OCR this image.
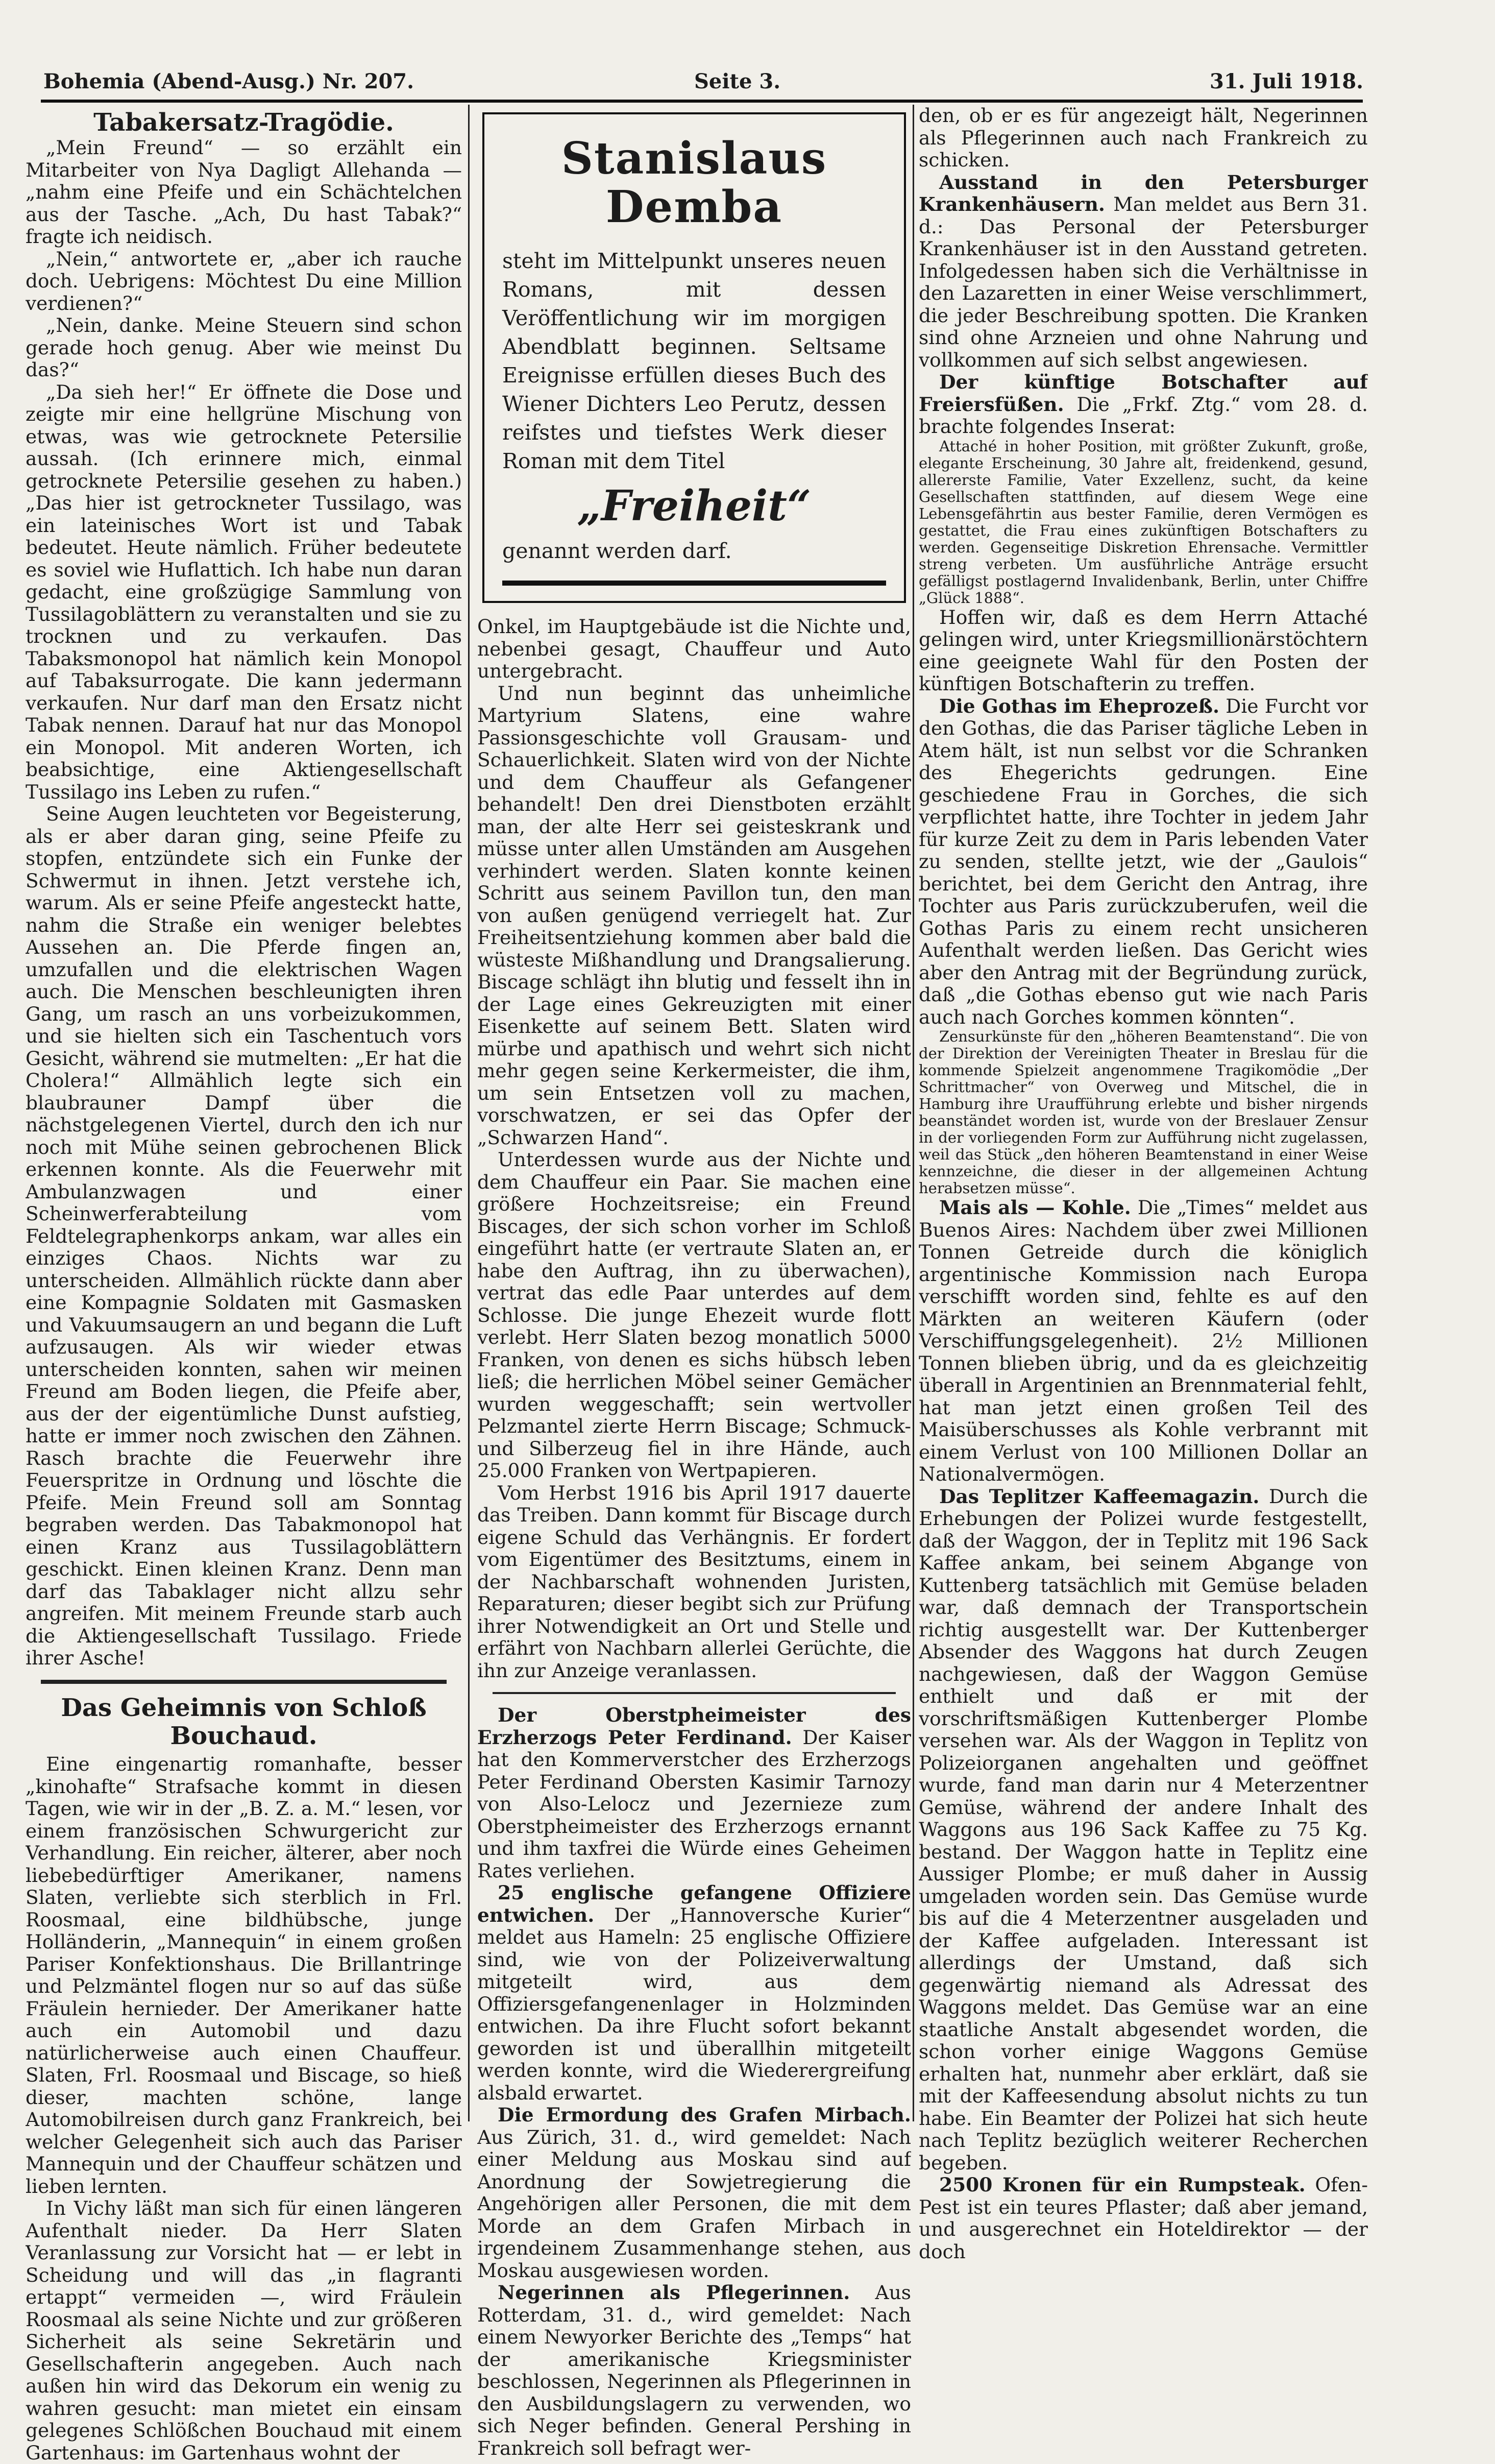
Bohemia (Abend-Ausg.) Nr. 207.	Seite 3.	31. Juli 1918.
Tabakersatz-Tragödie.

„Mein Freund“ — so erzählt ein Mitarbeiter von Nya Dagligt Allehanda — „nahm eine Pfeife und ein Schächtelchen aus der Tasche. „Ach, Du hast Tabak?“ fragte ich neidisch.

„Nein,“ antwortete er, „aber ich rauche doch. Uebrigens: Möchtest Du eine Million verdienen?“

„Nein, danke. Meine Steuern sind schon gerade hoch genug. Aber wie meinst Du das?“

„Da sieh her!“ Er öffnete die Dose und zeigte mir eine hellgrüne Mischung von etwas, was wie getrocknete Petersilie aussah. (Ich erinnere mich, einmal getrocknete Petersilie gesehen zu haben.) „Das hier ist getrockneter Tussilago, was ein lateinisches Wort ist und Tabak bedeutet. Heute nämlich. Früher bedeutete es soviel wie Huflattich. Ich habe nun daran gedacht, eine großzügige Sammlung von Tussilagoblättern zu veranstalten und sie zu trocknen und zu verkaufen. Das Tabaksmonopol hat nämlich kein Monopol auf Tabaksurrogate. Die kann jedermann verkaufen. Nur darf man den Ersatz nicht Tabak nennen. Darauf hat nur das Monopol ein Monopol. Mit anderen Worten, ich beabsichtige, eine Aktiengesellschaft Tussilago ins Leben zu rufen.“

Seine Augen leuchteten vor Begeisterung, als er aber daran ging, seine Pfeife zu stopfen, entzündete sich ein Funke der Schwermut in ihnen. Jetzt verstehe ich, warum. Als er seine Pfeife angesteckt hatte, nahm die Straße ein weniger belebtes Aussehen an. Die Pferde fingen an, umzufallen und die elektrischen Wagen auch. Die Menschen beschleunigten ihren Gang, um rasch an uns vorbeizukommen, und sie hielten sich ein Taschentuch vors Gesicht, während sie mutmelten: „Er hat die Cholera!“ Allmählich legte sich ein blaubrauner Dampf über die nächstgelegenen Viertel, durch den ich nur noch mit Mühe seinen gebrochenen Blick erkennen konnte. Als die Feuerwehr mit Ambulanzwagen und einer Scheinwerferabteilung vom Feldtelegraphenkorps ankam, war alles ein einziges Chaos. Nichts war zu unterscheiden. Allmählich rückte dann aber eine Kompagnie Soldaten mit Gasmasken und Vakuumsaugern an und begann die Luft aufzusaugen. Als wir wieder etwas unterscheiden konnten, sahen wir meinen Freund am Boden liegen, die Pfeife aber, aus der der eigentümliche Dunst aufstieg, hatte er immer noch zwischen den Zähnen. Rasch brachte die Feuerwehr ihre Feuerspritze in Ordnung und löschte die Pfeife. Mein Freund soll am Sonntag begraben werden. Das Tabakmonopol hat einen Kranz aus Tussilagoblättern geschickt. Einen kleinen Kranz. Denn man darf das Tabaklager nicht allzu sehr angreifen. Mit meinem Freunde starb auch die Aktiengesellschaft Tussilago. Friede ihrer Asche!

Das Geheimnis von Schloß Bouchaud.

Eine eingenartig romanhafte, besser „kinohafte“ Strafsache kommt in diesen Tagen, wie wir in der „B. Z. a. M.“ lesen, vor einem französischen Schwurgericht zur Verhandlung. Ein reicher, älterer, aber noch liebebedürftiger Amerikaner, namens Slaten, verliebte sich sterblich in Frl. Roosmaal, eine bildhübsche, junge Holländerin, „Mannequin“ in einem großen Pariser Konfektionshaus. Die Brillantringe und Pelzmäntel flogen nur so auf das süße Fräulein hernieder. Der Amerikaner hatte auch ein Automobil und dazu natürlicherweise auch einen Chauffeur. Slaten, Frl. Roosmaal und Biscage, so hieß dieser, machten schöne, lange Automobilreisen durch ganz Frankreich, bei welcher Gelegenheit sich auch das Pariser Mannequin und der Chauffeur schätzen und lieben lernten.

In Vichy läßt man sich für einen längeren Aufenthalt nieder. Da Herr Slaten Veranlassung zur Vorsicht hat — er lebt in Scheidung und will das „in flagranti ertappt“ vermeiden —, wird Fräulein Roosmaal als seine Nichte und zur größeren Sicherheit als seine Sekretärin und Gesellschafterin angegeben. Auch nach außen hin wird das Dekorum ein wenig zu wahren gesucht: man mietet ein einsam gelegenes Schlößchen Bouchaud mit einem Gartenhaus: im Gartenhaus wohnt der

Stanislaus Demba
steht im Mittelpunkt unseres neuen Romans, mit dessen Veröffentlichung wir im morgigen Abendblatt beginnen. Seltsame Ereignisse erfüllen dieses Buch des Wiener Dichters Leo Perutz, dessen reifstes und tiefstes Werk dieser Roman mit dem Titel
„Freiheit“
genannt werden darf.

Onkel, im Hauptgebäude ist die Nichte und, nebenbei gesagt, Chauffeur und Auto untergebracht.

Und nun beginnt das unheimliche Martyrium Slatens, eine wahre Passionsgeschichte voll Grausam- und Schauerlichkeit. Slaten wird von der Nichte und dem Chauffeur als Gefangener behandelt! Den drei Dienstboten erzählt man, der alte Herr sei geisteskrank und müsse unter allen Umständen am Ausgehen verhindert werden. Slaten konnte keinen Schritt aus seinem Pavillon tun, den man von außen genügend verriegelt hat. Zur Freiheitsentziehung kommen aber bald die wüsteste Mißhandlung und Drangsalierung. Biscage schlägt ihn blutig und fesselt ihn in der Lage eines Gekreuzigten mit einer Eisenkette auf seinem Bett. Slaten wird mürbe und apathisch und wehrt sich nicht mehr gegen seine Kerkermeister, die ihm, um sein Entsetzen voll zu machen, vorschwatzen, er sei das Opfer der „Schwarzen Hand“.

Unterdessen wurde aus der Nichte und dem Chauffeur ein Paar. Sie machen eine größere Hochzeitsreise; ein Freund Biscages, der sich schon vorher im Schloß eingeführt hatte (er vertraute Slaten an, er habe den Auftrag, ihn zu überwachen), vertrat das edle Paar unterdes auf dem Schlosse. Die junge Ehezeit wurde flott verlebt. Herr Slaten bezog monatlich 5000 Franken, von denen es sichs hübsch leben ließ; die herrlichen Möbel seiner Gemächer wurden weggeschafft; sein wertvoller Pelzmantel zierte Herrn Biscage; Schmuck- und Silberzeug fiel in ihre Hände, auch 25.000 Franken von Wertpapieren.

Vom Herbst 1916 bis April 1917 dauerte das Treiben. Dann kommt für Biscage durch eigene Schuld das Verhängnis. Er fordert vom Eigentümer des Besitztums, einem in der Nachbarschaft wohnenden Juristen, Reparaturen; dieser begibt sich zur Prüfung ihrer Notwendigkeit an Ort und Stelle und erfährt von Nachbarn allerlei Gerüchte, die ihn zur Anzeige veranlassen.

Der Oberstpheimeister des Erzherzogs Peter Ferdinand. Der Kaiser hat den Kommerverstcher des Erzherzogs Peter Ferdinand Obersten Kasimir Tarnozy von Also-Lelocz und Jezernieze zum Oberstpheimeister des Erzherzogs ernannt und ihm taxfrei die Würde eines Geheimen Rates verliehen.

25 englische gefangene Offiziere entwichen. Der „Hannoversche Kurier“ meldet aus Hameln: 25 englische Offiziere sind, wie von der Polizeiverwaltung mitgeteilt wird, aus dem Offiziersgefangenenlager in Holzminden entwichen. Da ihre Flucht sofort bekannt geworden ist und überallhin mitgeteilt werden konnte, wird die Wiederergreifung alsbald erwartet.

Die Ermordung des Grafen Mirbach. Aus Zürich, 31. d., wird gemeldet: Nach einer Meldung aus Moskau sind auf Anordnung der Sowjetregierung die Angehörigen aller Personen, die mit dem Morde an dem Grafen Mirbach in irgendeinem Zusammenhange stehen, aus Moskau ausgewiesen worden.

Negerinnen als Pflegerinnen. Aus Rotterdam, 31. d., wird gemeldet: Nach einem Newyorker Berichte des „Temps“ hat der amerikanische Kriegsminister beschlossen, Negerinnen als Pflegerinnen in den Ausbildungslagern zu verwenden, wo sich Neger befinden. General Pershing in Frankreich soll befragt wer-

den, ob er es für angezeigt hält, Negerinnen als Pflegerinnen auch nach Frankreich zu schicken.

Ausstand in den Petersburger Krankenhäusern. Man meldet aus Bern 31. d.: Das Personal der Petersburger Krankenhäuser ist in den Ausstand getreten. Infolgedessen haben sich die Verhältnisse in den Lazaretten in einer Weise verschlimmert, die jeder Beschreibung spotten. Die Kranken sind ohne Arzneien und ohne Nahrung und vollkommen auf sich selbst angewiesen.

Der künftige Botschafter auf Freiersfüßen. Die „Frkf. Ztg.“ vom 28. d. brachte folgendes Inserat:

Attaché in hoher Position, mit größter Zukunft, große, elegante Erscheinung, 30 Jahre alt, freidenkend, gesund, allererste Familie, Vater Exzellenz, sucht, da keine Gesellschaften stattfinden, auf diesem Wege eine Lebensgefährtin aus bester Familie, deren Vermögen es gestattet, die Frau eines zukünftigen Botschafters zu werden. Gegenseitige Diskretion Ehrensache. Vermittler streng verbeten. Um ausführliche Anträge ersucht gefälligst postlagernd Invalidenbank, Berlin, unter Chiffre „Glück 1888“.

Hoffen wir, daß es dem Herrn Attaché gelingen wird, unter Kriegsmillionärstöchtern eine geeignete Wahl für den Posten der künftigen Botschafterin zu treffen.

Die Gothas im Eheprozeß. Die Furcht vor den Gothas, die das Pariser tägliche Leben in Atem hält, ist nun selbst vor die Schranken des Ehegerichts gedrungen. Eine geschiedene Frau in Gorches, die sich verpflichtet hatte, ihre Tochter in jedem Jahr für kurze Zeit zu dem in Paris lebenden Vater zu senden, stellte jetzt, wie der „Gaulois“ berichtet, bei dem Gericht den Antrag, ihre Tochter aus Paris zurückzuberufen, weil die Gothas Paris zu einem recht unsicheren Aufenthalt werden ließen. Das Gericht wies aber den Antrag mit der Begründung zurück, daß „die Gothas ebenso gut wie nach Paris auch nach Gorches kommen könnten“.

Zensurkünste für den „höheren Beamtenstand“. Die von der Direktion der Vereinigten Theater in Breslau für die kommende Spielzeit angenommene Tragikomödie „Der Schrittmacher“ von Overweg und Mitschel, die in Hamburg ihre Uraufführung erlebte und bisher nirgends beanständet worden ist, wurde von der Breslauer Zensur in der vorliegenden Form zur Aufführung nicht zugelassen, weil das Stück „den höheren Beamtenstand in einer Weise kennzeichne, die dieser in der allgemeinen Achtung herabsetzen müsse“.

Mais als — Kohle. Die „Times“ meldet aus Buenos Aires: Nachdem über zwei Millionen Tonnen Getreide durch die königlich argentinische Kommission nach Europa verschifft worden sind, fehlte es auf den Märkten an weiteren Käufern (oder Verschiffungsgelegenheit). 2½ Millionen Tonnen blieben übrig, und da es gleichzeitig überall in Argentinien an Brennmaterial fehlt, hat man jetzt einen großen Teil des Maisüberschusses als Kohle verbrannt mit einem Verlust von 100 Millionen Dollar an Nationalvermögen.

Das Teplitzer Kaffeemagazin. Durch die Erhebungen der Polizei wurde festgestellt, daß der Waggon, der in Teplitz mit 196 Sack Kaffee ankam, bei seinem Abgange von Kuttenberg tatsächlich mit Gemüse beladen war, daß demnach der Transportschein richtig ausgestellt war. Der Kuttenberger Absender des Waggons hat durch Zeugen nachgewiesen, daß der Waggon Gemüse enthielt und daß er mit der vorschriftsmäßigen Kuttenberger Plombe versehen war. Als der Waggon in Teplitz von Polizeiorganen angehalten und geöffnet wurde, fand man darin nur 4 Meterzentner Gemüse, während der andere Inhalt des Waggons aus 196 Sack Kaffee zu 75 Kg. bestand. Der Waggon hatte in Teplitz eine Aussiger Plombe; er muß daher in Aussig umgeladen worden sein. Das Gemüse wurde bis auf die 4 Meterzentner ausgeladen und der Kaffee aufgeladen. Interessant ist allerdings der Umstand, daß sich gegenwärtig niemand als Adressat des Waggons meldet. Das Gemüse war an eine staatliche Anstalt abgesendet worden, die schon vorher einige Waggons Gemüse erhalten hat, nunmehr aber erklärt, daß sie mit der Kaffeesendung absolut nichts zu tun habe. Ein Beamter der Polizei hat sich heute nach Teplitz bezüglich weiterer Recherchen begeben.

2500 Kronen für ein Rumpsteak. Ofen-Pest ist ein teures Pflaster; daß aber jemand, und ausgerechnet ein Hoteldirektor — der doch
